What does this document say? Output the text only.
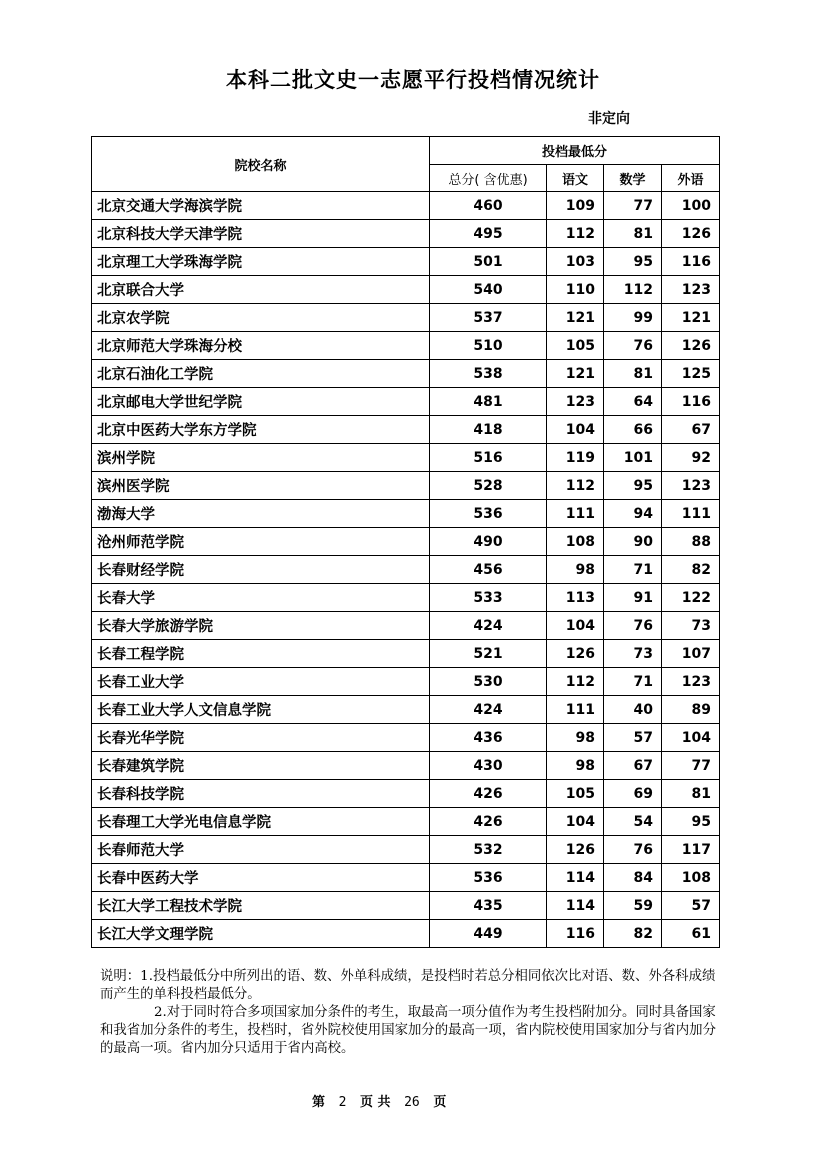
本科二批文史一志愿平行投档情况统计
非定向
院校名称	投档最低分			
	总分( 含优惠)	语文	数学	外语
北京交通大学海滨学院	460	109	77	100
北京科技大学天津学院	495	112	81	126
北京理工大学珠海学院	501	103	95	116
北京联合大学	540	110	112	123
北京农学院	537	121	99	121
北京师范大学珠海分校	510	105	76	126
北京石油化工学院	538	121	81	125
北京邮电大学世纪学院	481	123	64	116
北京中医药大学东方学院	418	104	66	67
滨州学院	516	119	101	92
滨州医学院	528	112	95	123
渤海大学	536	111	94	111
沧州师范学院	490	108	90	88
长春财经学院	456	98	71	82
长春大学	533	113	91	122
长春大学旅游学院	424	104	76	73
长春工程学院	521	126	73	107
长春工业大学	530	112	71	123
长春工业大学人文信息学院	424	111	40	89
长春光华学院	436	98	57	104
长春建筑学院	430	98	67	77
长春科技学院	426	105	69	81
长春理工大学光电信息学院	426	104	54	95
长春师范大学	532	126	76	117
长春中医药大学	536	114	84	108
长江大学工程技术学院	435	114	59	57
长江大学文理学院	449	116	82	61

说明：1.投档最低分中所列出的语、数、外单科成绩，是投档时若总分相同依次比对语、数、外各科成绩而产生的单科投档最低分。

2.对于同时符合多项国家加分条件的考生，取最高一项分值作为考生投档附加分。同时具备国家和我省加分条件的考生，投档时，省外院校使用国家加分的最高一项，省内院校使用国家加分与省内加分的最高一项。省内加分只适用于省内高校。

第 2 页 共 26 页
